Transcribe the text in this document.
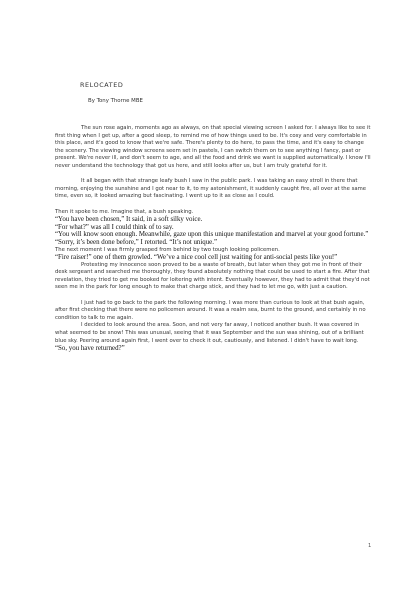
RELOCATED
By Tony Thorne MBE

The sun rose again, moments ago as always, on that special viewing screen I asked for. I always like to see it first thing when I get up, after a good sleep, to remind me of how things used to be. It's cosy and very comfortable in this place, and it's good to know that we're safe. There's plenty to do here, to pass the time, and it's easy to change the scenery. The viewing window screens seem set in pastels, I can switch them on to see anything I fancy, past or present. We're never ill, and don't seem to age, and all the food and drink we want is supplied automatically. I know I'll never understand the technology that got us here, and still looks after us, but I am truly grateful for it.

It all began with that strange leafy bush I saw in the public park. I was taking an easy stroll in there that morning, enjoying the sunshine and I got near to it, to my astonishment, it suddenly caught fire, all over at the same time, even so, it looked amazing but fascinating. I went up to it as close as I could.

Then it spoke to me. Imagine that, a bush speaking.

“You have been chosen,” It said, in a soft silky voice.

“For what?” was all I could think of to say.

“You will know soon enough. Meanwhile, gaze upon this unique manifestation and marvel at your good fortune.”

“Sorry, it’s been done before,” I retorted. “It’s not unique.”

The next moment I was firmly grasped from behind by two tough looking policemen.

“Fire raiser!” one of them growled. “We’ve a nice cool cell just waiting for anti-social pests like you!”

Protesting my innocence soon proved to be a waste of breath, but later when they got me in front of their desk sergeant and searched me thoroughly, they found absolutely nothing that could be used to start a fire. After that revelation, they tried to get me booked for loitering with intent. Eventually however, they had to admit that they'd not seen me in the park for long enough to make that charge stick, and they had to let me go, with just a caution.

I just had to go back to the park the following morning. I was more than curious to look at that bush again, after first checking that there were no policemen around. It was a realm sea, burnt to the ground, and certainly in no condition to talk to me again.

I decided to look around the area. Soon, and not very far away, I noticed another bush. It was covered in what seemed to be snow! This was unusual, seeing that it was September and the sun was shining, out of a brilliant blue sky. Peering around again first, I went over to check it out, cautiously, and listened. I didn't have to wait long.

“So, you have returned?”

1
